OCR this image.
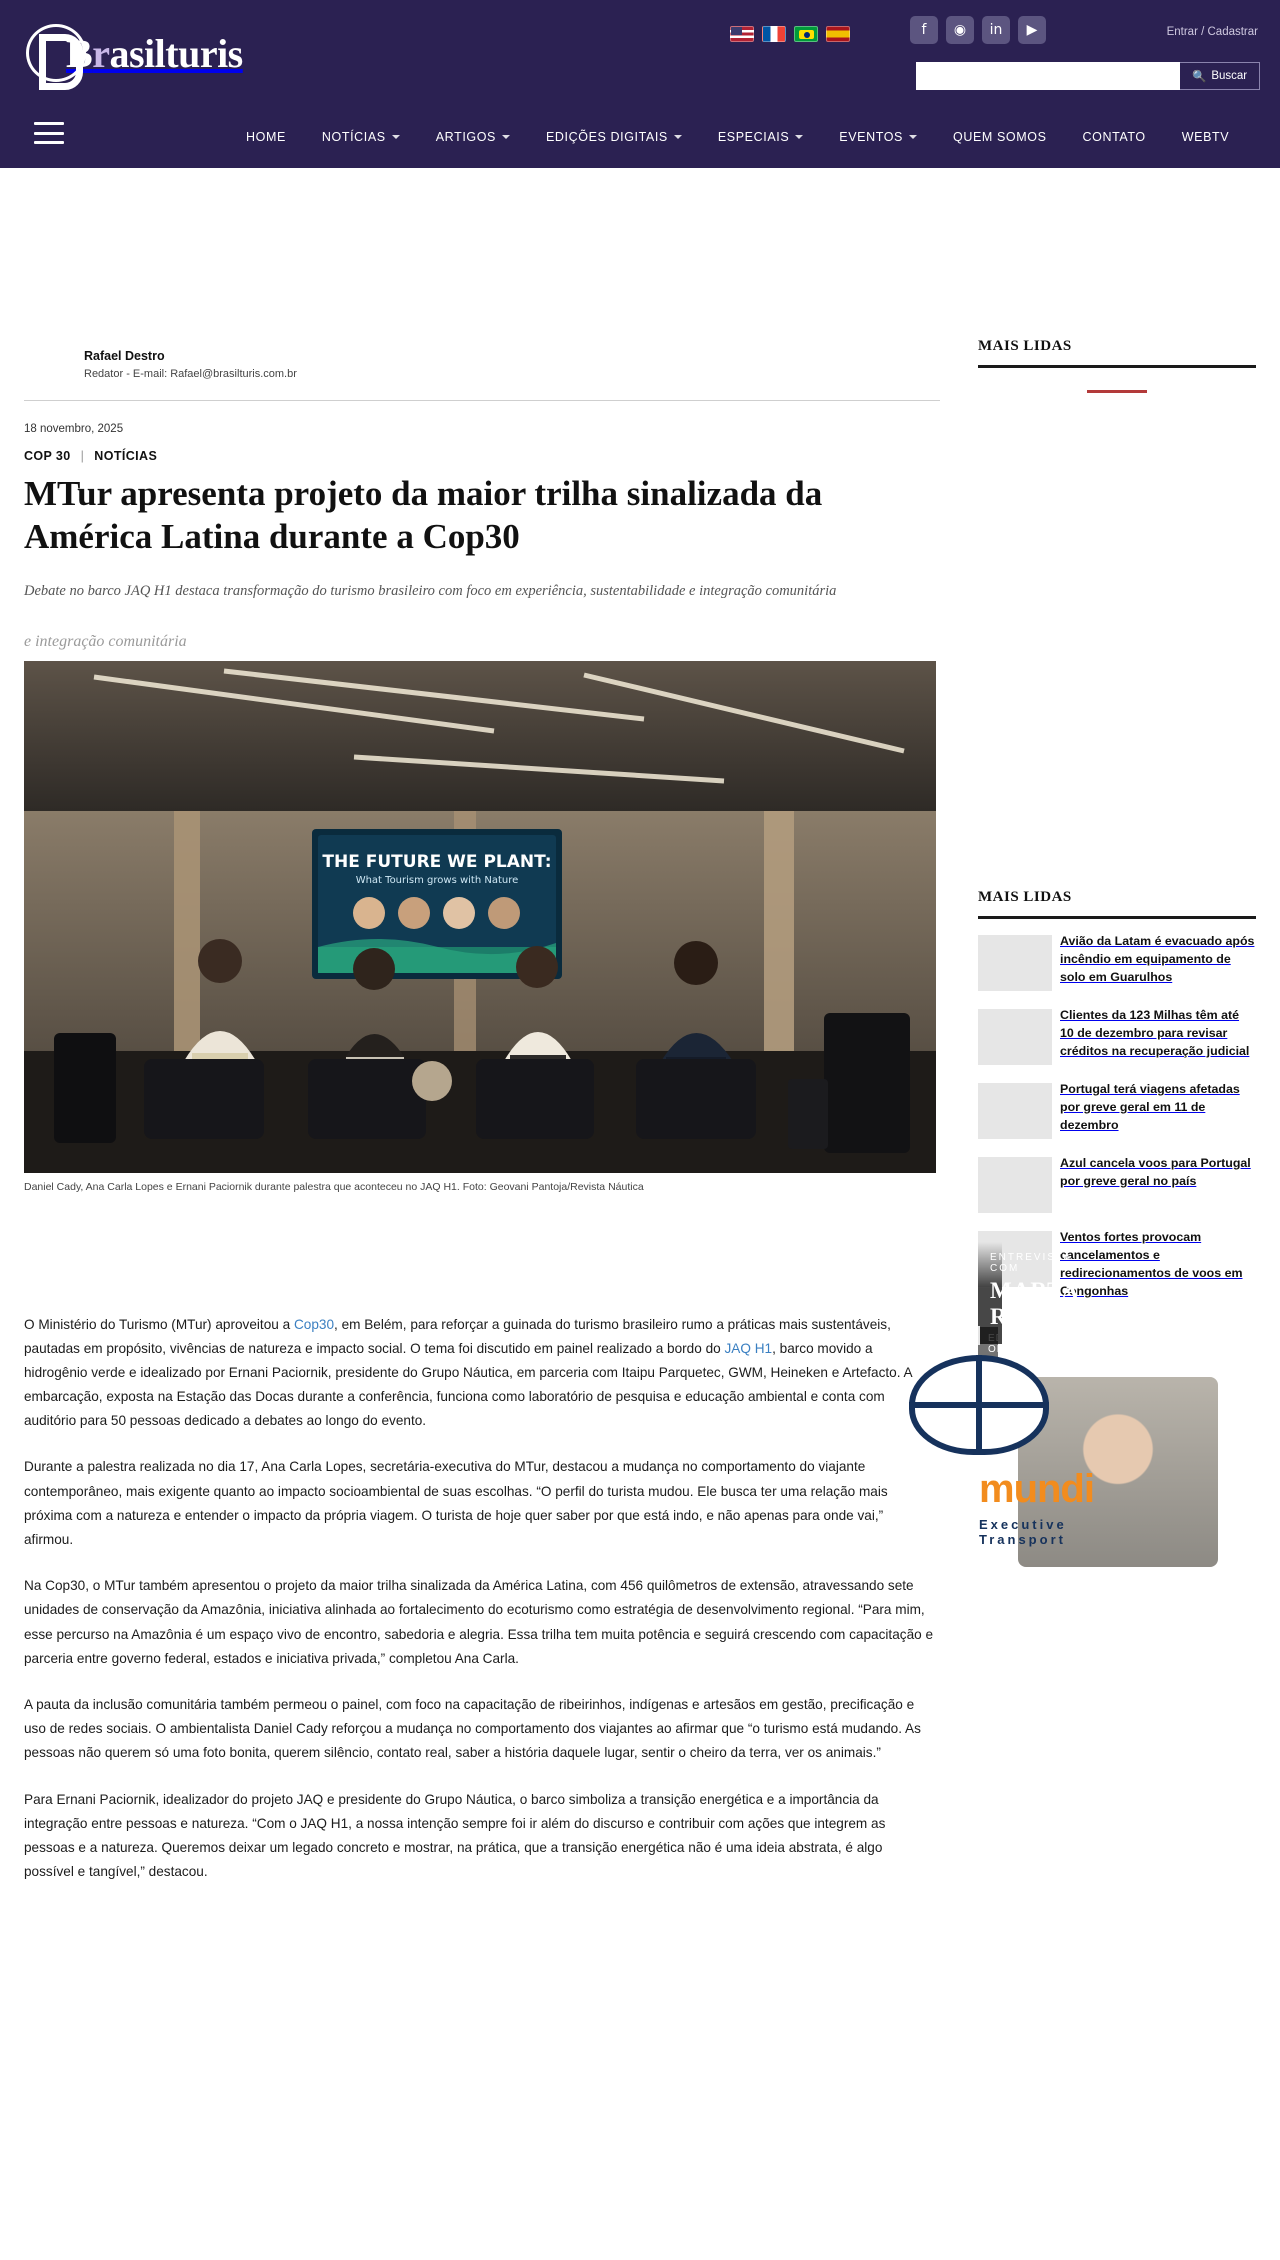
Brasilturis
f	◉	in	▶	Entrar / Cadastrar
🔍 Buscar
HOME	NOTÍCIAS	ARTIGOS	EDIÇÕES DIGITAIS	ESPECIAIS	EVENTOS	QUEM SOMOS	CONTATO	WEBTV
Rafael Destro
Redator - E-mail: Rafael@brasilturis.com.br
18 novembro, 2025
COP 30 | NOTÍCIAS
MTur apresenta projeto da maior trilha sinalizada da América Latina durante a Cop30

Debate no barco JAQ H1 destaca transformação do turismo brasileiro com foco em experiência, sustentabilidade e integração comunitária

e integração comunitária

THE FUTURE WE PLANT:
What Tourism grows with Nature
Daniel Cady, Ana Carla Lopes e Ernani Paciornik durante palestra que aconteceu no JAQ H1. Foto: Geovani Pantoja/Revista Náutica

O Ministério do Turismo (MTur) aproveitou a Cop30, em Belém, para reforçar a guinada do turismo brasileiro rumo a práticas mais sustentáveis, pautadas em propósito, vivências de natureza e impacto social. O tema foi discutido em painel realizado a bordo do JAQ H1, barco movido a hidrogênio verde e idealizado por Ernani Paciornik, presidente do Grupo Náutica, em parceria com Itaipu Parquetec, GWM, Heineken e Artefacto. A embarcação, exposta na Estação das Docas durante a conferência, funciona como laboratório de pesquisa e educação ambiental e conta com auditório para 50 pessoas dedicado a debates ao longo do evento.

Durante a palestra realizada no dia 17, Ana Carla Lopes, secretária-executiva do MTur, destacou a mudança no comportamento do viajante contemporâneo, mais exigente quanto ao impacto socioambiental de suas escolhas. “O perfil do turista mudou. Ele busca ter uma relação mais próxima com a natureza e entender o impacto da própria viagem. O turista de hoje quer saber por que está indo, e não apenas para onde vai,” afirmou.

Na Cop30, o MTur também apresentou o projeto da maior trilha sinalizada da América Latina, com 456 quilômetros de extensão, atravessando sete unidades de conservação da Amazônia, iniciativa alinhada ao fortalecimento do ecoturismo como estratégia de desenvolvimento regional. “Para mim, esse percurso na Amazônia é um espaço vivo de encontro, sabedoria e alegria. Essa trilha tem muita potência e seguirá crescendo com capacitação e parceria entre governo federal, estados e iniciativa privada,” completou Ana Carla.

A pauta da inclusão comunitária também permeou o painel, com foco na capacitação de ribeirinhos, indígenas e artesãos em gestão, precificação e uso de redes sociais. O ambientalista Daniel Cady reforçou a mudança no comportamento dos viajantes ao afirmar que “o turismo está mudando. As pessoas não querem só uma foto bonita, querem silêncio, contato real, saber a história daquele lugar, sentir o cheiro da terra, ver os animais.”

Para Ernani Paciornik, idealizador do projeto JAQ e presidente do Grupo Náutica, o barco simboliza a transição energética e a importância da integração entre pessoas e natureza. “Com o JAQ H1, a nossa intenção sempre foi ir além do discurso e contribuir com ações que integrem as pessoas e a natureza. Queremos deixar um legado concreto e mostrar, na prática, que a transição energética não é uma ideia abstrata, é algo possível e tangível,” destacou.

MAIS LIDAS
MAIS LIDAS
Avião da Latam é evacuado após incêndio em equipamento de solo em Guarulhos
Clientes da 123 Milhas têm até 10 de dezembro para revisar créditos na recuperação judicial
Portugal terá viagens afetadas por greve geral em 11 de dezembro
Azul cancela voos para Portugal por greve geral no país
Ventos fortes provocam cancelamentos e redirecionamentos de voos em Congonhas
